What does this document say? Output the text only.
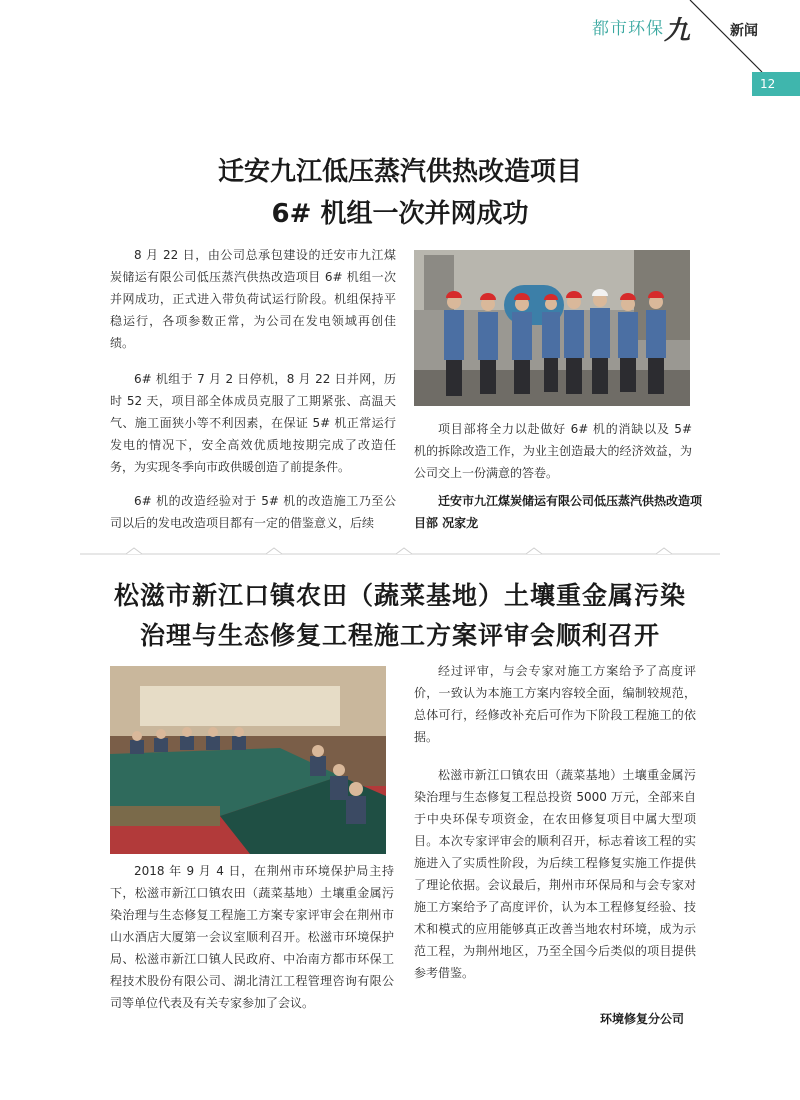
都市环保 九	新闻
12
迁安九江低压蒸汽供热改造项目
6# 机组一次并网成功

8 月 22 日，由公司总承包建设的迁安市九江煤炭储运有限公司低压蒸汽供热改造项目 6# 机组一次并网成功，正式进入带负荷试运行阶段。机组保持平稳运行，各项参数正常，为公司在发电领域再创佳绩。

6# 机组于 7 月 2 日停机，8 月 22 日并网，历时 52 天，项目部全体成员克服了工期紧张、高温天气、施工面狭小等不利因素，在保证 5# 机正常运行发电的情况下，安全高效优质地按期完成了改造任务，为实现冬季向市政供暖创造了前提条件。

6# 机的改造经验对于 5# 机的改造施工乃至公司以后的发电改造项目都有一定的借鉴意义，后续

项目部将全力以赴做好 6# 机的消缺以及 5# 机的拆除改造工作，为业主创造最大的经济效益，为公司交上一份满意的答卷。

迁安市九江煤炭储运有限公司低压蒸汽供热改造项目部 况家龙
松滋市新江口镇农田（蔬菜基地）土壤重金属污染
治理与生态修复工程施工方案评审会顺利召开

2018 年 9 月 4 日，在荆州市环境保护局主持下，松滋市新江口镇农田（蔬菜基地）土壤重金属污染治理与生态修复工程施工方案专家评审会在荆州市山水酒店大厦第一会议室顺利召开。松滋市环境保护局、松滋市新江口镇人民政府、中冶南方都市环保工程技术股份有限公司、湖北清江工程管理咨询有限公司等单位代表及有关专家参加了会议。

经过评审，与会专家对施工方案给予了高度评价，一致认为本施工方案内容较全面，编制较规范，总体可行，经修改补充后可作为下阶段工程施工的依据。

松滋市新江口镇农田（蔬菜基地）土壤重金属污染治理与生态修复工程总投资 5000 万元，全部来自于中央环保专项资金，在农田修复项目中属大型项目。本次专家评审会的顺利召开，标志着该工程的实施进入了实质性阶段，为后续工程修复实施工作提供了理论依据。会议最后，荆州市环保局和与会专家对施工方案给予了高度评价，认为本工程修复经验、技术和模式的应用能够真正改善当地农村环境，成为示范工程，为荆州地区，乃至全国今后类似的项目提供参考借鉴。

环境修复分公司
